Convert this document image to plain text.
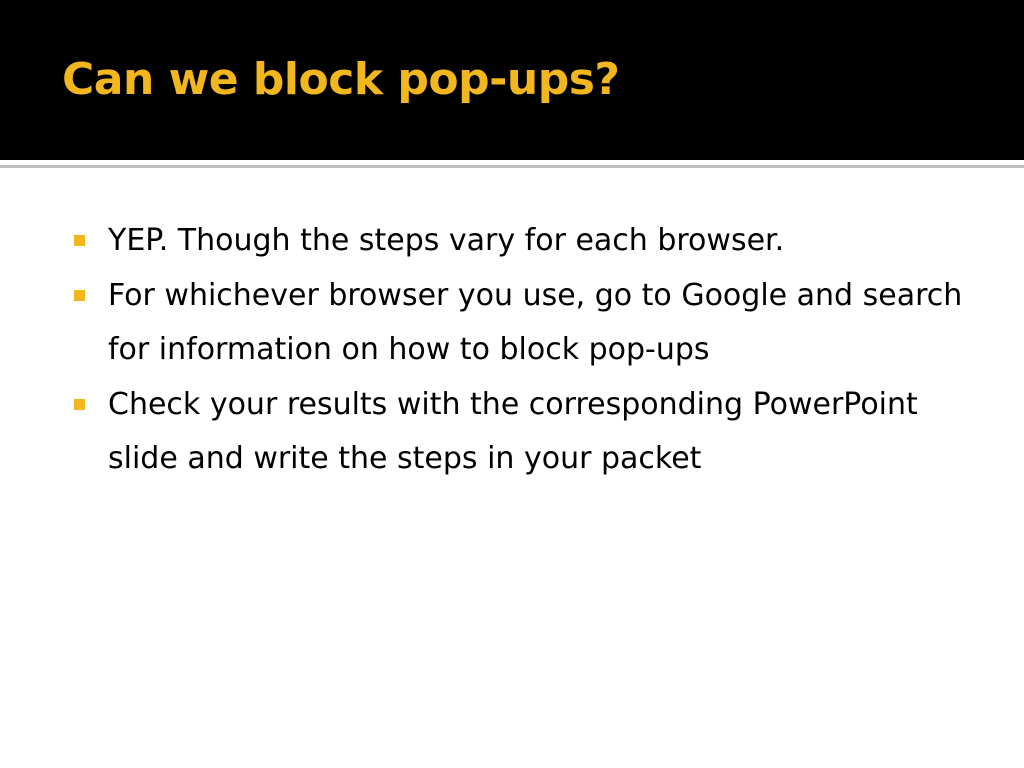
Can we block pop-ups?
YEP. Though the steps vary for each browser.
For whichever browser you use, go to Google and search for information on how to block pop-ups
Check your results with the corresponding PowerPoint slide and write the steps in your packet
